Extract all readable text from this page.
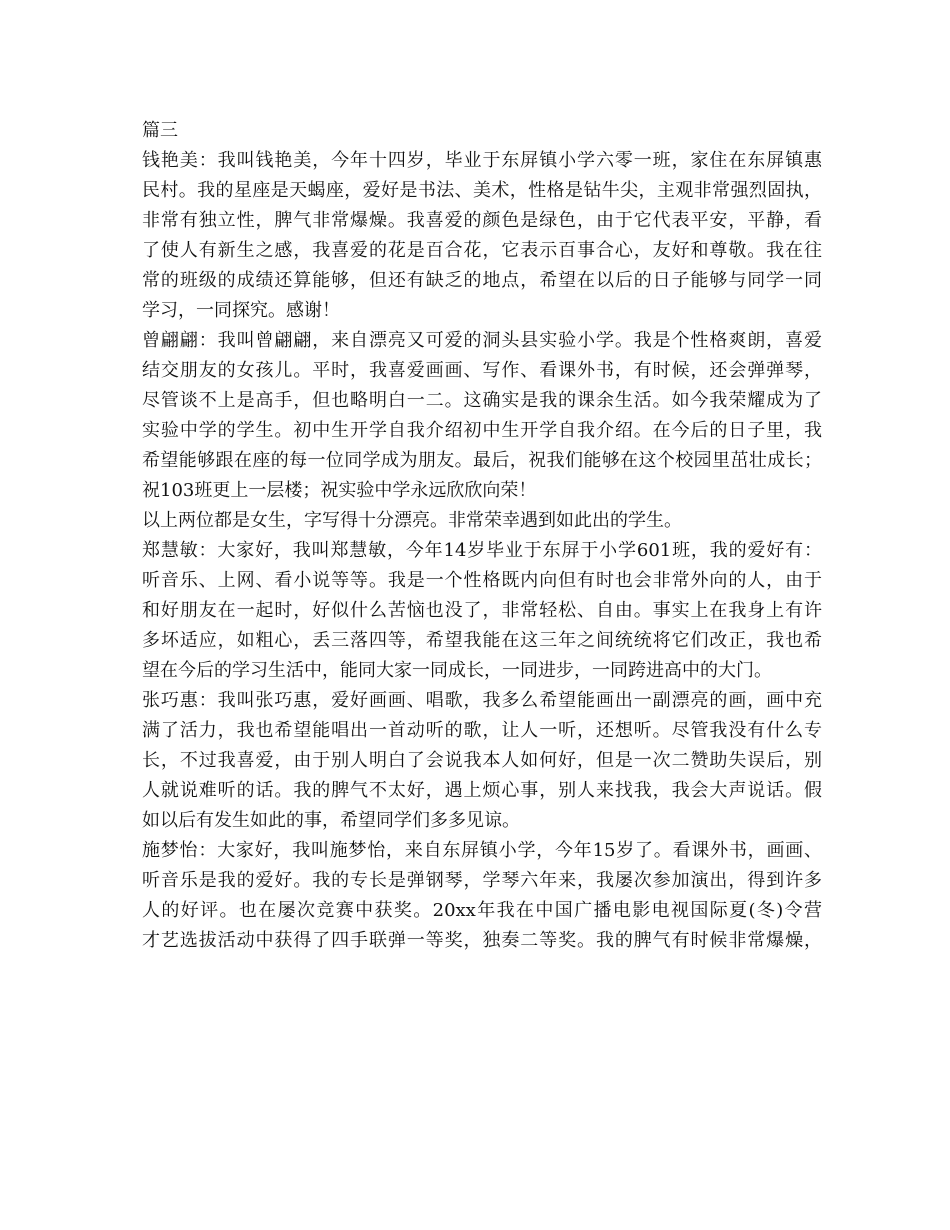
篇三
钱艳美：我叫钱艳美，今年十四岁，毕业于东屏镇小学六零一班，家住在东屏镇惠
民村。我的星座是天蝎座，爱好是书法、美术，性格是钻牛尖，主观非常强烈固执，
非常有独立性，脾气非常爆燥。我喜爱的颜色是绿色，由于它代表平安，平静，看
了使人有新生之感，我喜爱的花是百合花，它表示百事合心，友好和尊敬。我在往
常的班级的成绩还算能够，但还有缺乏的地点，希望在以后的日子能够与同学一同
学习，一同探究。感谢！
曾翩翩：我叫曾翩翩，来自漂亮又可爱的洞头县实验小学。我是个性格爽朗，喜爱
结交朋友的女孩儿。平时，我喜爱画画、写作、看课外书，有时候，还会弹弹琴，
尽管谈不上是高手，但也略明白一二。这确实是我的课余生活。如今我荣耀成为了
实验中学的学生。初中生开学自我介绍初中生开学自我介绍。在今后的日子里，我
希望能够跟在座的每一位同学成为朋友。最后，祝我们能够在这个校园里茁壮成长；
祝103班更上一层楼；祝实验中学永远欣欣向荣！
以上两位都是女生，字写得十分漂亮。非常荣幸遇到如此出的学生。
郑慧敏：大家好，我叫郑慧敏，今年14岁毕业于东屏于小学601班，我的爱好有：
听音乐、上网、看小说等等。我是一个性格既内向但有时也会非常外向的人，由于
和好朋友在一起时，好似什么苦恼也没了，非常轻松、自由。事实上在我身上有许
多坏适应，如粗心，丢三落四等，希望我能在这三年之间统统将它们改正，我也希
望在今后的学习生活中，能同大家一同成长，一同进步，一同跨进高中的大门。
张巧惠：我叫张巧惠，爱好画画、唱歌，我多么希望能画出一副漂亮的画，画中充
满了活力，我也希望能唱出一首动听的歌，让人一听，还想听。尽管我没有什么专
长，不过我喜爱，由于别人明白了会说我本人如何好，但是一次二赞助失误后，别
人就说难听的话。我的脾气不太好，遇上烦心事，别人来找我，我会大声说话。假
如以后有发生如此的事，希望同学们多多见谅。
施梦怡：大家好，我叫施梦怡，来自东屏镇小学，今年15岁了。看课外书，画画、
听音乐是我的爱好。我的专长是弹钢琴，学琴六年来，我屡次参加演出，得到许多
人的好评。也在屡次竞赛中获奖。20xx年我在中国广播电影电视国际夏(冬)令营
才艺选拔活动中获得了四手联弹一等奖，独奏二等奖。我的脾气有时候非常爆燥，
